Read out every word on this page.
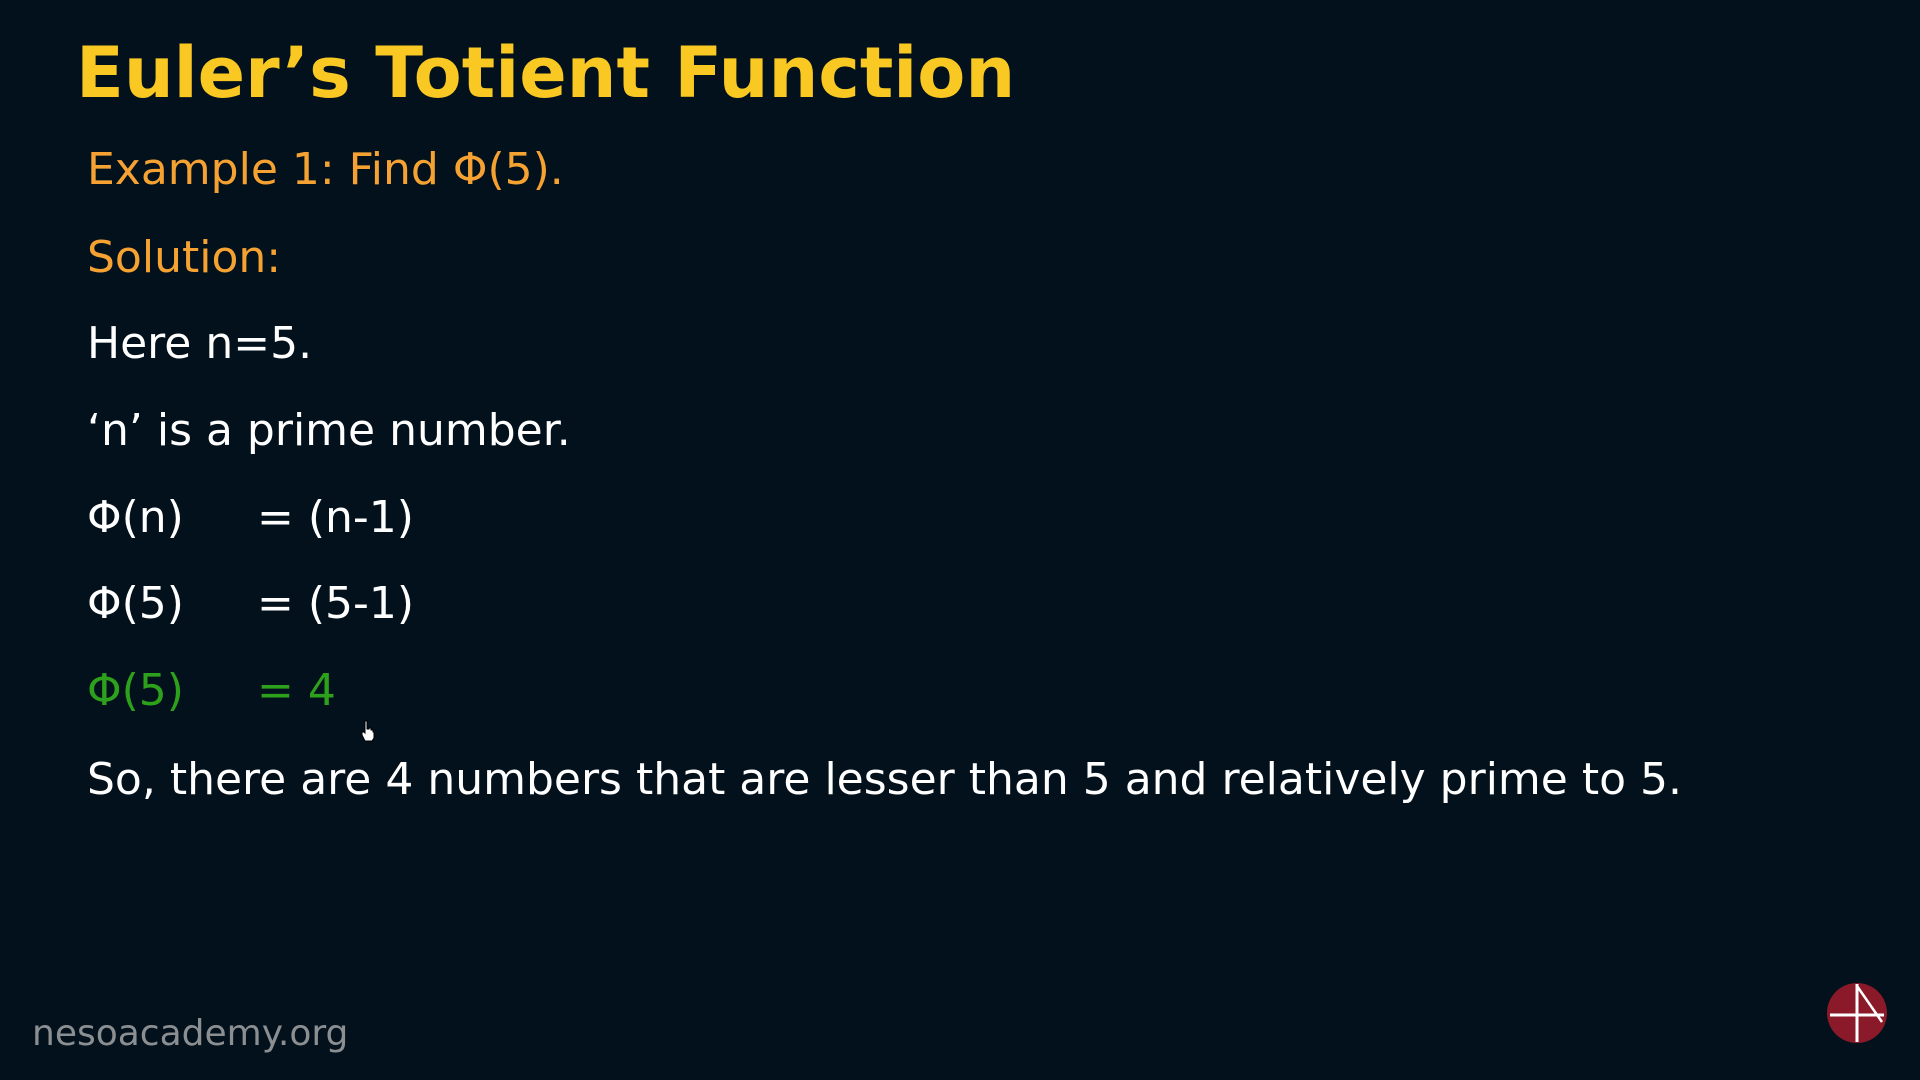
Euler’s Totient Function
Example 1: Find Φ(5).
Solution:
Here n=5.
‘n’ is a prime number.
Φ(n) = (n-1)
Φ(5) = (5-1)
Φ(5) = 4
So, there are 4 numbers that are lesser than 5 and relatively prime to 5.
nesoacademy.org
